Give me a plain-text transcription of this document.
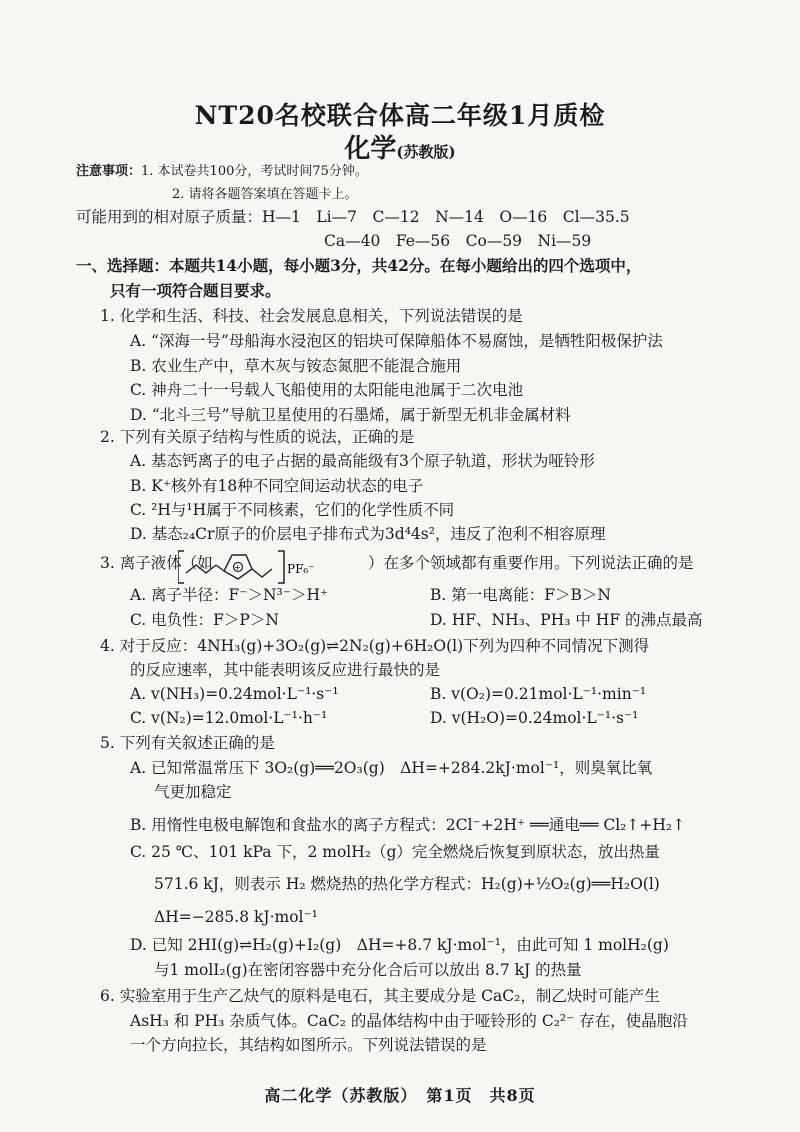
NT20名校联合体高二年级1月质检
化学(苏教版)
注意事项：1. 本试卷共100分，考试时间75分钟。
2. 请将各题答案填在答题卡上。
可能用到的相对原子质量：H—1　Li—7　C—12　N—14　O—16　Cl—35.5
Ca—40　Fe—56　Co—59　Ni—59
一、选择题：本题共14小题，每小题3分，共42分。在每小题给出的四个选项中，
只有一项符合题目要求。
1. 化学和生活、科技、社会发展息息相关，下列说法错误的是
A. “深海一号”母船海水浸泡区的铝块可保障船体不易腐蚀，是牺牲阳极保护法
B. 农业生产中，草木灰与铵态氮肥不能混合施用
C. 神舟二十一号载人飞船使用的太阳能电池属于二次电池
D. “北斗三号”导航卫星使用的石墨烯，属于新型无机非金属材料
2. 下列有关原子结构与性质的说法，正确的是
A. 基态钙离子的电子占据的最高能级有3个原子轨道，形状为哑铃形
B. K⁺核外有18种不同空间运动状态的电子
C. ²H与¹H属于不同核素，它们的化学性质不同
D. 基态₂₄Cr原子的价层电子排布式为3d⁴4s²，违反了泡利不相容原理
3. 离子液体（如	+	PF₆⁻	）在多个领域都有重要作用。下列说法正确的是
A. 离子半径：F⁻＞N³⁻＞H⁺	B. 第一电离能：F＞B＞N
C. 电负性：F＞P＞N	D. HF、NH₃、PH₃ 中 HF 的沸点最高
4. 对于反应：4NH₃(g)+3O₂(g)⇌2N₂(g)+6H₂O(l)下列为四种不同情况下测得
的反应速率，其中能表明该反应进行最快的是
A. v(NH₃)=0.24mol·L⁻¹·s⁻¹	B. v(O₂)=0.21mol·L⁻¹·min⁻¹
C. v(N₂)=12.0mol·L⁻¹·h⁻¹	D. v(H₂O)=0.24mol·L⁻¹·s⁻¹
5. 下列有关叙述正确的是
A. 已知常温常压下 3O₂(g)══2O₃(g)　ΔH=+284.2kJ·mol⁻¹，则臭氧比氧
气更加稳定
B. 用惰性电极电解饱和食盐水的离子方程式：2Cl⁻+2H⁺ ══通电══ Cl₂↑+H₂↑
C. 25 ℃、101 kPa 下，2 molH₂（g）完全燃烧后恢复到原状态，放出热量
571.6 kJ，则表示 H₂ 燃烧热的热化学方程式：H₂(g)+½O₂(g)══H₂O(l)
ΔH=−285.8 kJ·mol⁻¹
D. 已知 2HI(g)⇌H₂(g)+I₂(g)　ΔH=+8.7 kJ·mol⁻¹，由此可知 1 molH₂(g)
与1 molI₂(g)在密闭容器中充分化合后可以放出 8.7 kJ 的热量
6. 实验室用于生产乙炔气的原料是电石，其主要成分是 CaC₂，制乙炔时可能产生
AsH₃ 和 PH₃ 杂质气体。CaC₂ 的晶体结构中由于哑铃形的 C₂²⁻ 存在，使晶胞沿
一个方向拉长，其结构如图所示。下列说法错误的是
高二化学（苏教版）　第1页　共8页
